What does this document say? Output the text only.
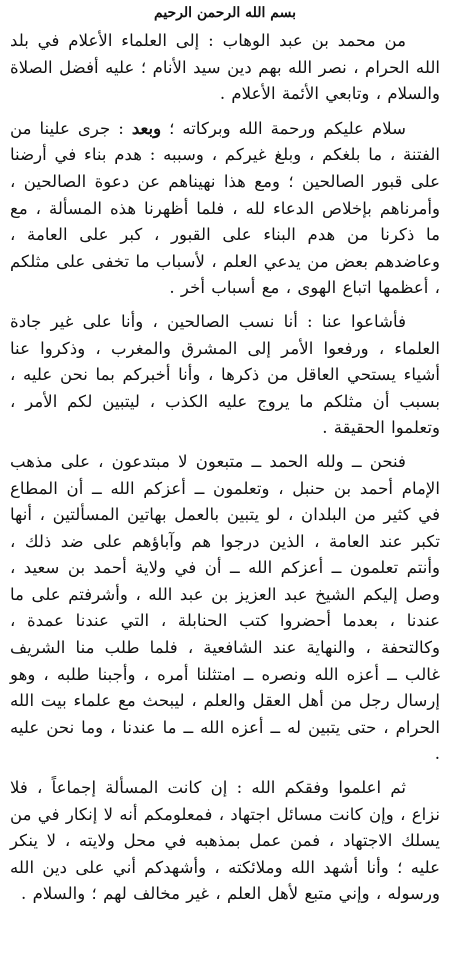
بسم الله الرحمن الرحيم

من محمد بن عبد الوهاب : إلى العلماء الأعلام في بلد الله الحرام ، نصر الله بهم دين سيد الأنام ؛ عليه أفضل الصلاة والسلام ، وتابعي الأئمة الأعلام .

سلام عليكم ورحمة الله وبركاته ؛ وبعد : جرى علينا من الفتنة ، ما بلغكم ، وبلغ غيركم ، وسببه : هدم بناء في أرضنا على قبور الصالحين ؛ ومع هذا نهيناهم عن دعوة الصالحين ، وأمرناهم بإخلاص الدعاء لله ، فلما أظهرنا هذه المسألة ، مع ما ذكرنا من هدم البناء على القبور ، كبر على العامة ، وعاضدهم بعض من يدعي العلم ، لأسباب ما تخفى على مثلكم ، أعظمها اتباع الهوى ، مع أسباب أخر .

فأشاعوا عنا : أنا نسب الصالحين ، وأنا على غير جادة العلماء ، ورفعوا الأمر إلى المشرق والمغرب ، وذكروا عنا أشياء يستحي العاقل من ذكرها ، وأنا أخبركم بما نحن عليه ، بسبب أن مثلكم ما يروج عليه الكذب ، ليتبين لكم الأمر ، وتعلموا الحقيقة .

فنحن ــ ولله الحمد ــ متبعون لا مبتدعون ، على مذهب الإمام أحمد بن حنبل ، وتعلمون ــ أعزكم الله ــ أن المطاع في كثير من البلدان ، لو يتبين بالعمل بهاتين المسألتين ، أنها تكبر عند العامة ، الذين درجوا هم وآباؤهم على ضد ذلك ، وأنتم تعلمون ــ أعزكم الله ــ أن في ولاية أحمد بن سعيد ، وصل إليكم الشيخ عبد العزيز بن عبد الله ، وأشرفتم على ما عندنا ، بعدما أحضروا كتب الحنابلة ، التي عندنا عمدة ، وكالتحفة ، والنهاية عند الشافعية ، فلما طلب منا الشريف غالب ــ أعزه الله ونصره ــ امتثلنا أمره ، وأجبنا طلبه ، وهو إرسال رجل من أهل العقل والعلم ، ليبحث مع علماء بيت الله الحرام ، حتى يتبين له ــ أعزه الله ــ ما عندنا ، وما نحن عليه .

ثم اعلموا وفقكم الله : إن كانت المسألة إجماعاً ، فلا نزاع ، وإن كانت مسائل اجتهاد ، فمعلومكم أنه لا إنكار في من يسلك الاجتهاد ، فمن عمل بمذهبه في محل ولايته ، لا ينكر عليه ؛ وأنا أشهد الله وملائكته ، وأشهدكم أني على دين الله ورسوله ، وإني متبع لأهل العلم ، غير مخالف لهم ؛ والسلام .
